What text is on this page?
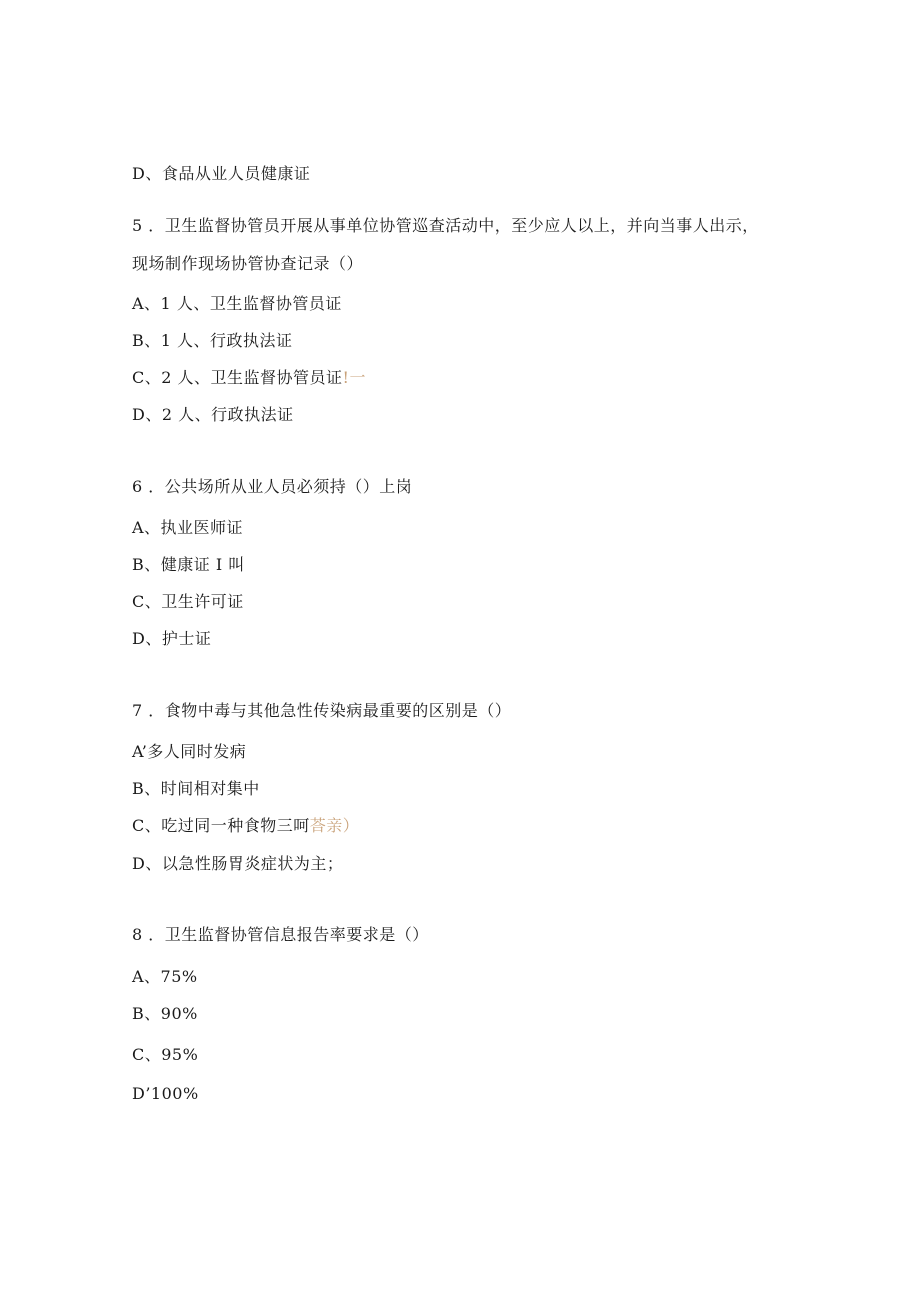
D、食品从业人员健康证
5 ．卫生监督协管员开展从事单位协管巡查活动中，至少应人以上，并向当事人出示，
现场制作现场协管协查记录（）
A、1 人、卫生监督协管员证
B、1 人、行政执法证
C、2 人、卫生监督协管员证!一
D、2 人、行政执法证
6 ．公共场所从业人员必须持（）上岗
A、执业医师证
B、健康证 I 叫
C、卫生许可证
D、护士证
7 ．食物中毒与其他急性传染病最重要的区别是（）
A’多人同时发病
B、时间相对集中
C、吃过同一种食物三呵荅亲）
D、以急性肠胃炎症状为主；
8 ．卫生监督协管信息报告率要求是（）
A、75%
B、90%
C、95%
D’100%
